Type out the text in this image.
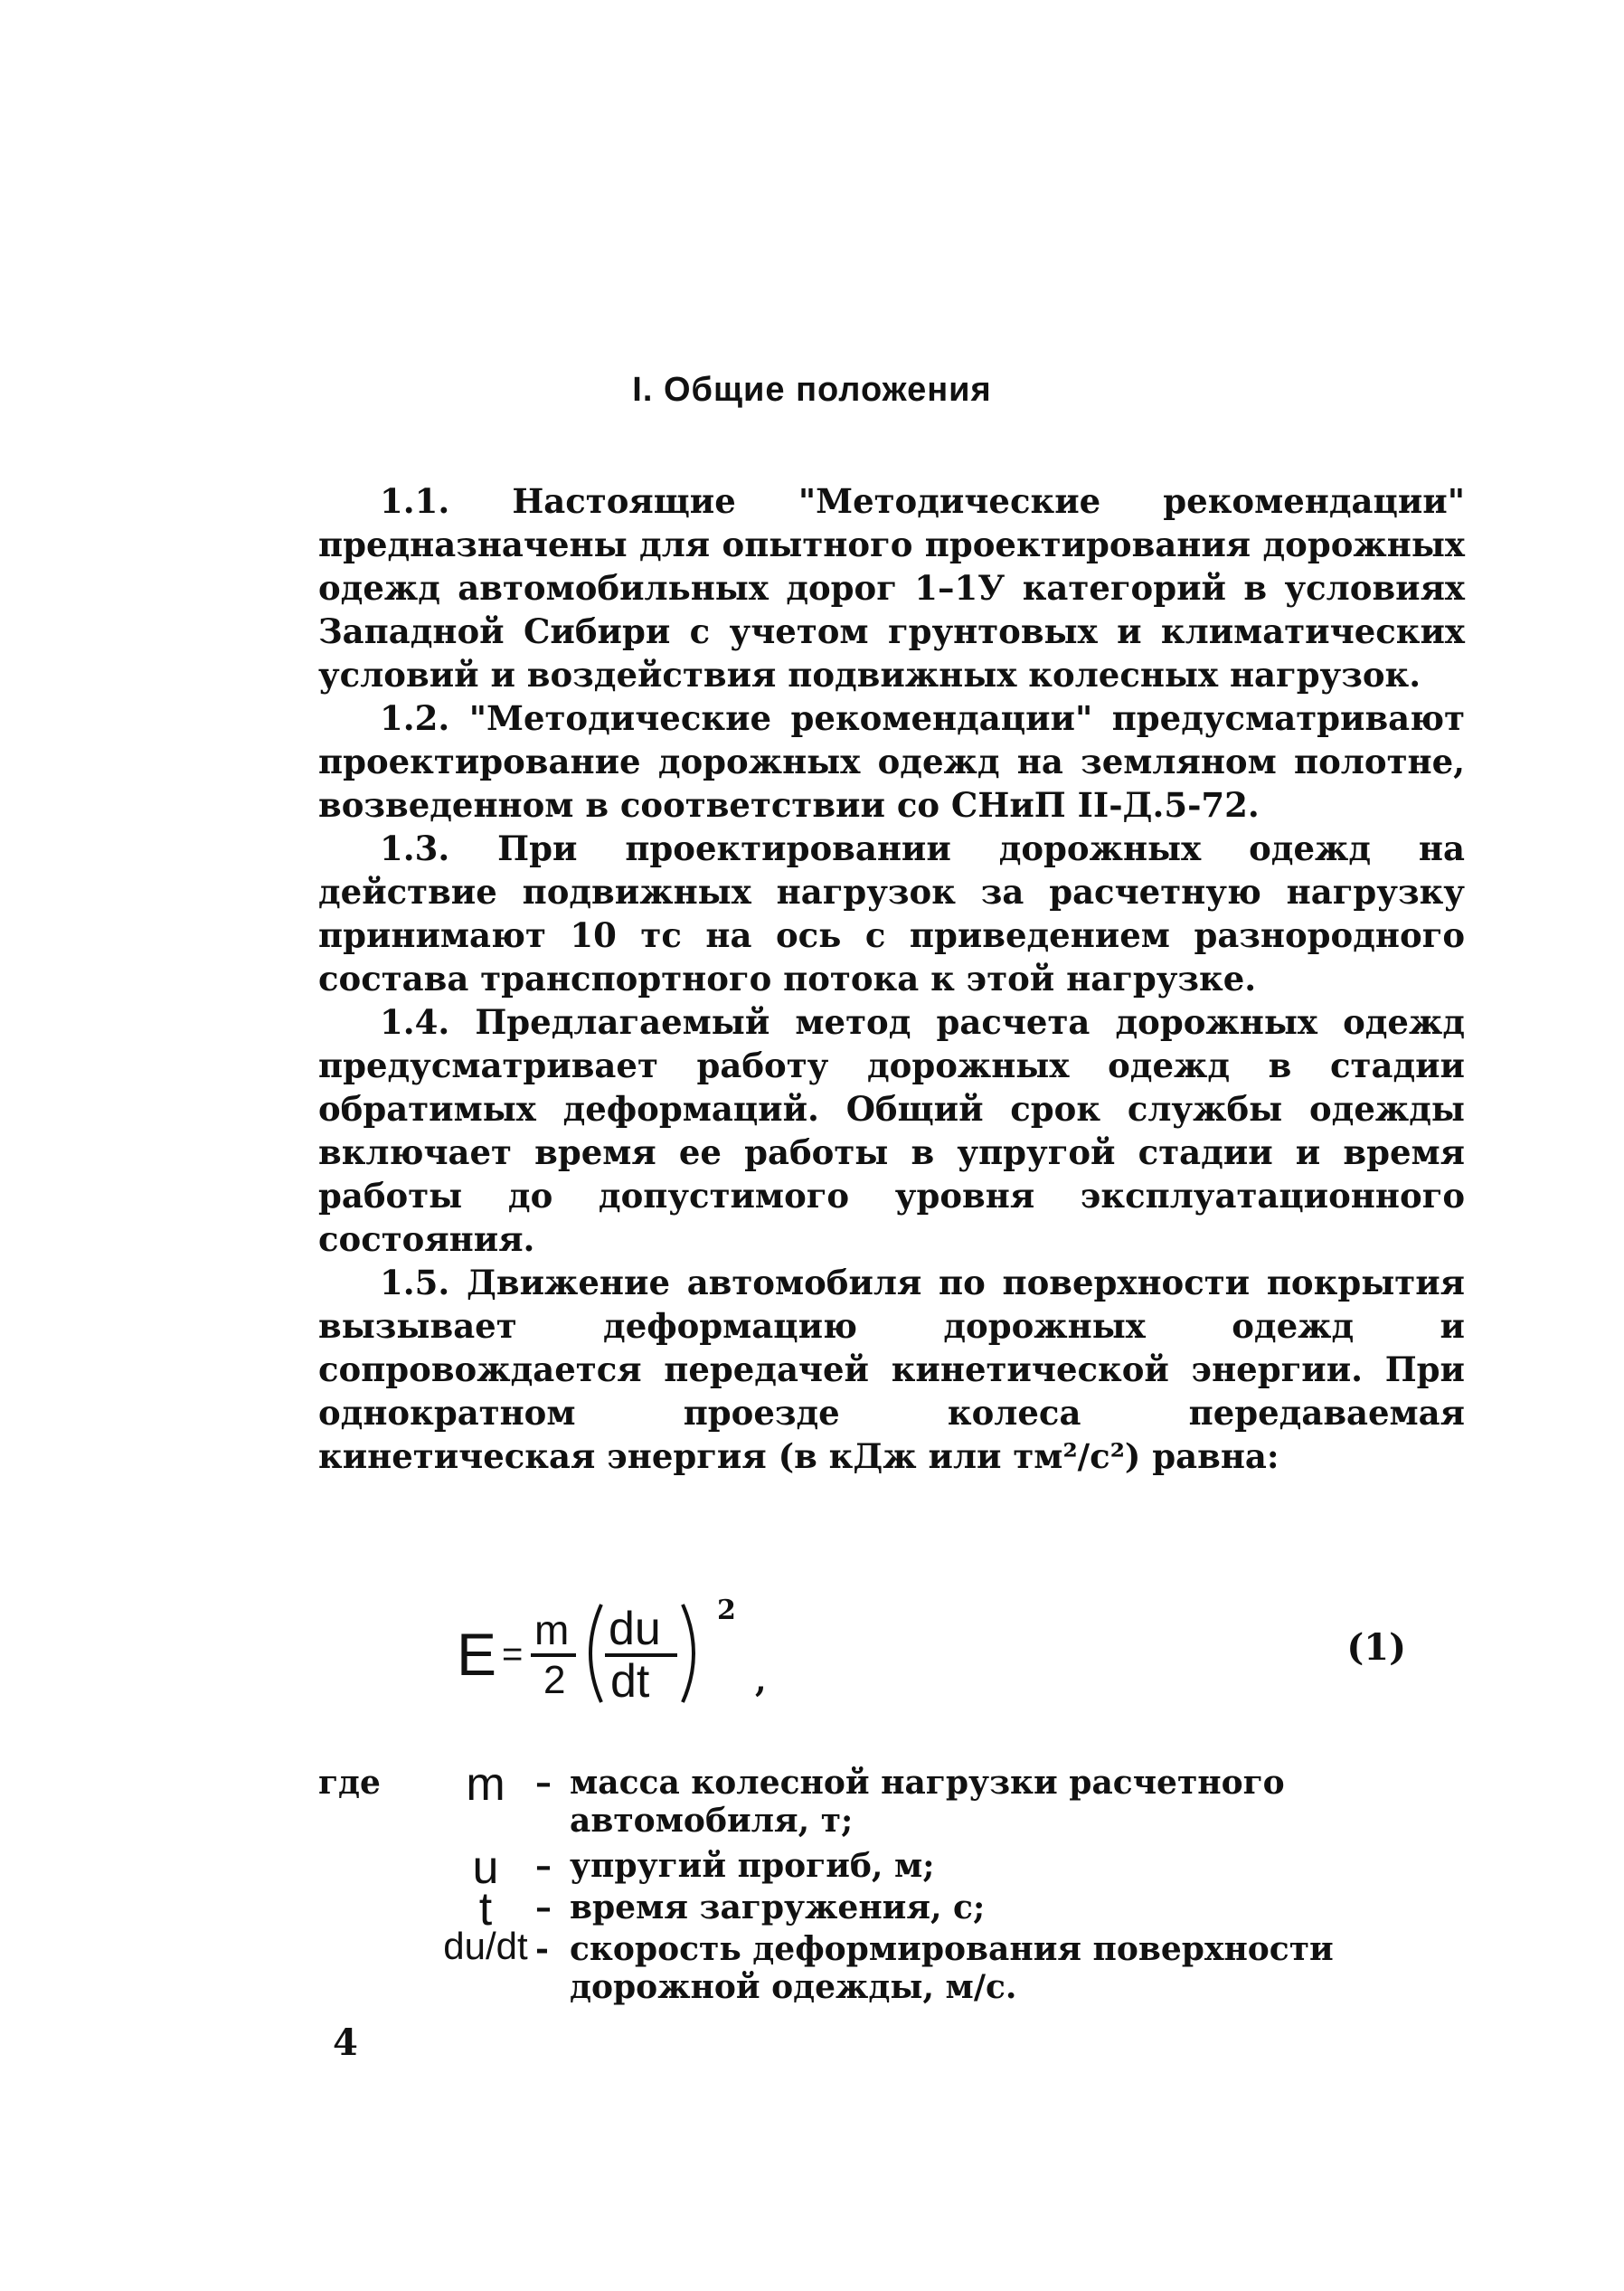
I. Общие положения

1.1. Настоящие "Методические рекомендации" предназначены для опытного проектирования дорожных одежд автомобильных дорог 1–1У категорий в условиях Западной Сибири с учетом грунтовых и климатических условий и воздействия подвижных колесных нагрузок.

1.2. "Методические рекомендации" предусматривают проектирование дорожных одежд на земляном полотне, возведенном в соответствии со СНиП II-Д.5-72.

1.3. При проектировании дорожных одежд на действие подвижных нагрузок за расчетную нагрузку принимают 10 тс на ось с приведением разнородного состава транспортного потока к этой нагрузке.

1.4. Предлагаемый метод расчета дорожных одежд предусматривает работу дорожных одежд в стадии обратимых деформаций. Общий срок службы одежды включает время ее работы в упругой стадии и время работы до допустимого уровня эксплуатационного состояния.

1.5. Движение автомобиля по поверхности покрытия вызывает деформацию дорожных одежд и сопровождается передачей кинетической энергии. При однократном проезде колеса передаваемая кинетическая энергия (в кДж или тм²/с²) равна:

E =
m
2
du
dt
2
,
(1)
где	m – масса колесной нагрузки расчетного автомобиля, т;
u	– упругий прогиб, м;
t	– время загружения, с;
du/dt - скорость деформирования поверхности дорожной одежды, м/с.
4
